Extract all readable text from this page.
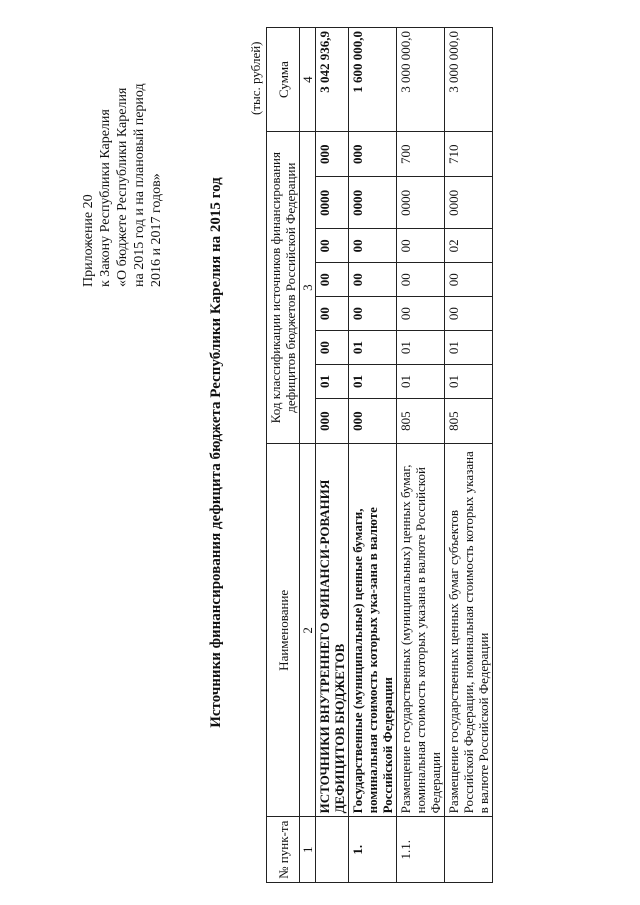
Приложение 20 к Закону Республики Карелия «О бюджете Республики Карелия на 2015 год и на плановый период 2016 и 2017 годов»	Источники финансирования дефицита бюджета Республики Карелия на 2015 год
(тыс. рублей)
№ пунк-та	Наименование	Код классификации источников финансирования дефицитов бюджетов Российской Федерации								Сумма
1	2	3								4
	ИСТОЧНИКИ ВНУТРЕННЕГО ФИНАНСИ-РОВАНИЯ ДЕФИЦИТОВ БЮДЖЕТОВ	000	01	00	00	00	00	0000	000	3 042 936,9
1.	Государственные (муниципальные) ценные бумаги, номинальная стоимость которых ука-зана в валюте Российской Федерации	000	01	01	00	00	00	0000	000	1 600 000,0
1.1.	Размещение государственных (муниципальных) ценных бумаг, номинальная стоимость которых указана в валюте Российской Федерации	805	01	01	00	00	00	0000	700	3 000 000,0
	Размещение государственных ценных бумаг субъектов Российской Федерации, номинальная стоимость которых указана в валюте Российской Федерации	805	01	01	00	00	02	0000	710	3 000 000,0
